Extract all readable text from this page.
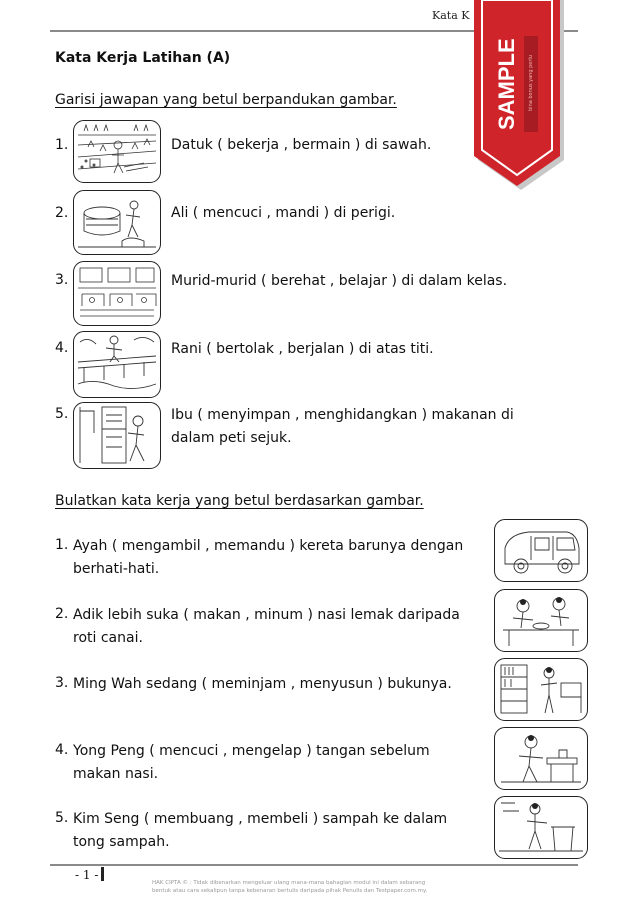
Kata K
SAMPLE bina bonus yang perlu
Kata Kerja Latihan (A)
Garisi jawapan yang betul berpandukan gambar.
1.	Datuk ( bekerja , bermain ) di sawah.
2.	Ali ( mencuci , mandi ) di perigi.
3.	Murid-murid ( berehat , belajar ) di dalam kelas.
4.	Rani ( bertolak , berjalan ) di atas titi.
5.	Ibu ( menyimpan , menghidangkan ) makanan di
dalam peti sejuk.
Bulatkan kata kerja yang betul berdasarkan gambar.
1. Ayah ( mengambil , memandu ) kereta barunya dengan
berhati-hati.
2. Adik lebih suka ( makan , minum ) nasi lemak daripada
roti canai.
3. Ming Wah sedang ( meminjam , menyusun ) bukunya.
4. Yong Peng ( mencuci , mengelap ) tangan sebelum
makan nasi.
5. Kim Seng ( membuang , membeli ) sampah ke dalam
tong sampah.
- 1 -
HAK CIPTA © : Tidak dibenarkan mengeluar ulang mana-mana bahagian modul ini dalam sebarang
bentuk atau cara sekalipun tanpa kebenaran bertulis daripada pihak Penulis dan Testpaper.com.my.
